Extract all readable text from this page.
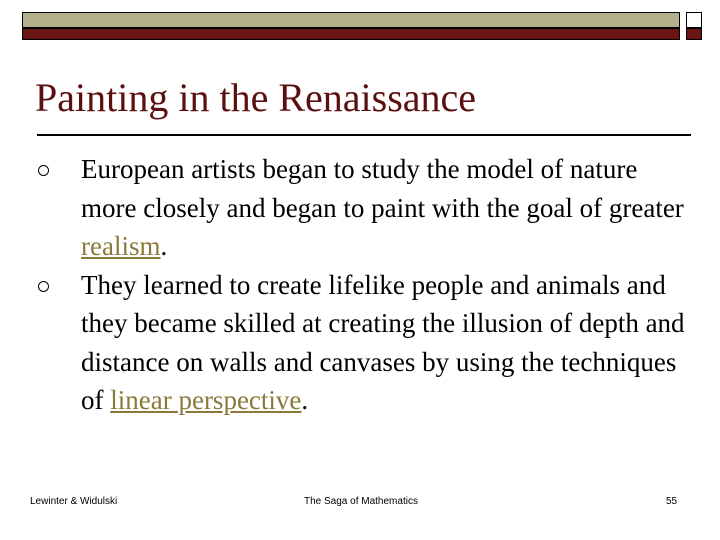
Painting in the Renaissance
European artists began to study the model of nature more closely and began to paint with the goal of greater realism.
They learned to create lifelike people and animals and they became skilled at creating the illusion of depth and distance on walls and canvases by using the techniques of linear perspective.
Lewinter & Widulski	The Saga of Mathematics	55
